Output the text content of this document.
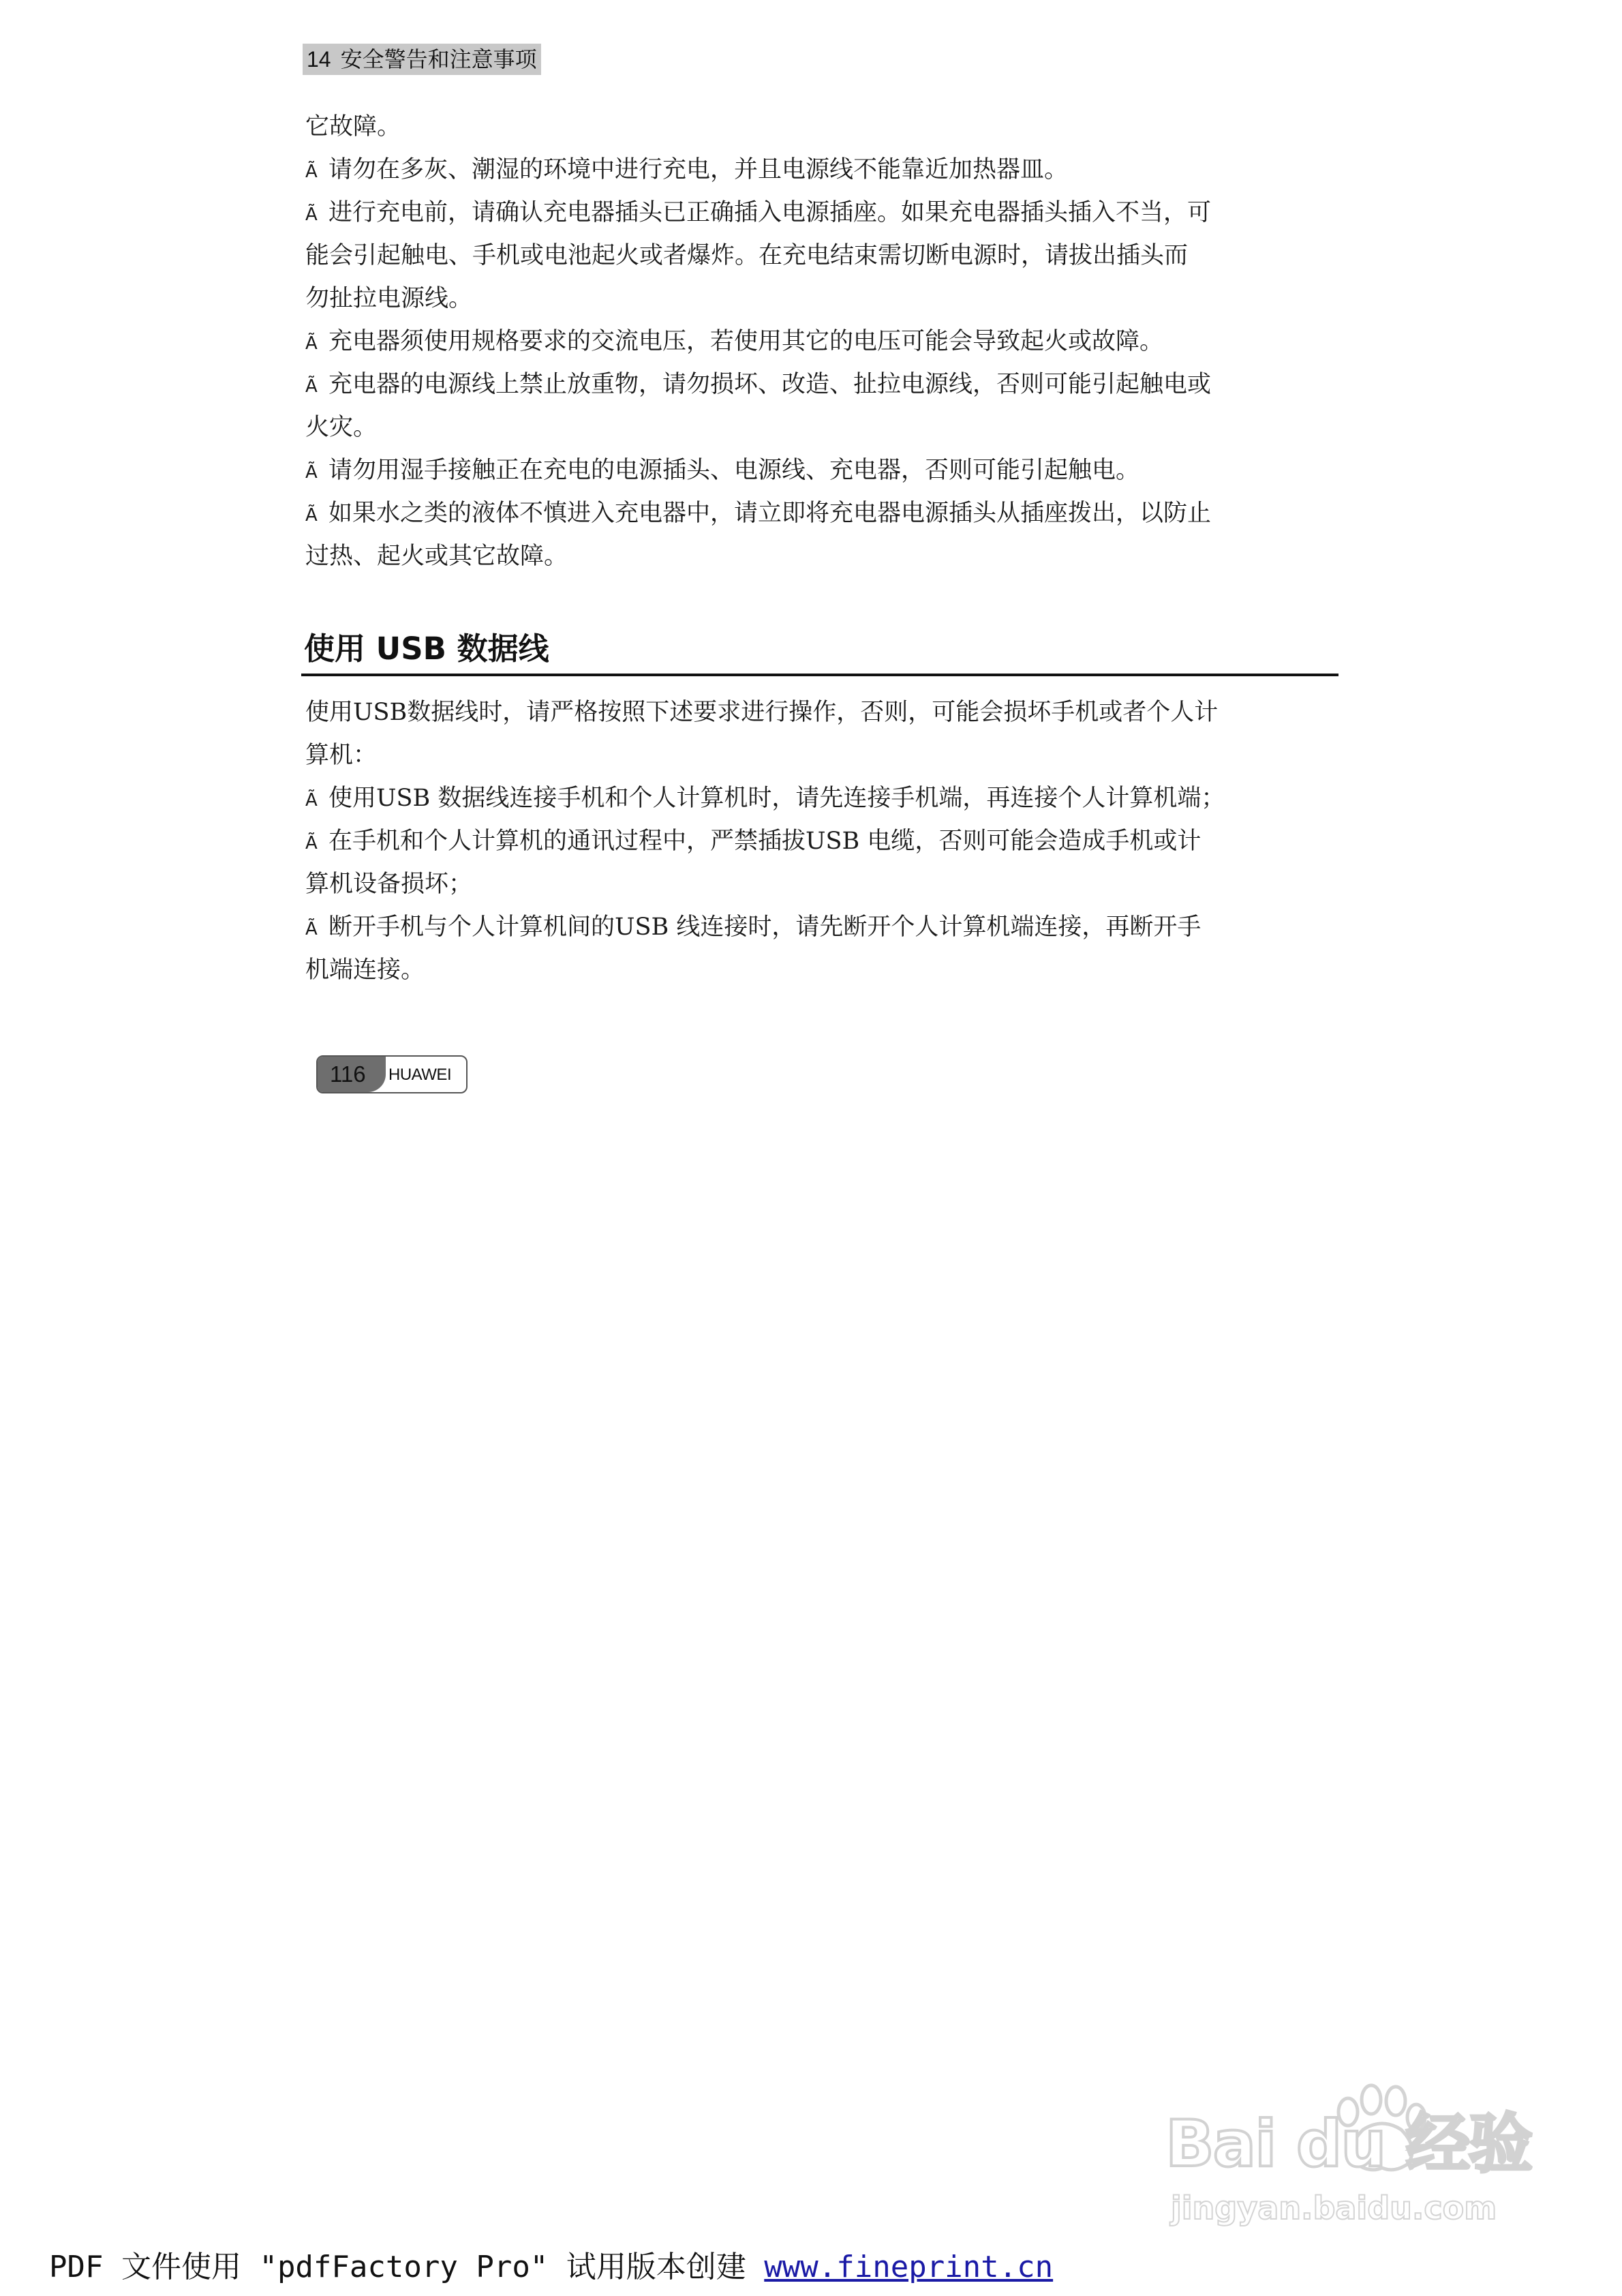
14 安全警告和注意事项
它故障。
Ã 请勿在多灰、潮湿的环境中进行充电，并且电源线不能靠近加热器皿。
Ã 进行充电前，请确认充电器插头已正确插入电源插座。如果充电器插头插入不当，可
能会引起触电、手机或电池起火或者爆炸。在充电结束需切断电源时，请拔出插头而
勿扯拉电源线。
Ã 充电器须使用规格要求的交流电压，若使用其它的电压可能会导致起火或故障。
Ã 充电器的电源线上禁止放重物，请勿损坏、改造、扯拉电源线，否则可能引起触电或
火灾。
Ã 请勿用湿手接触正在充电的电源插头、电源线、充电器，否则可能引起触电。
Ã 如果水之类的液体不慎进入充电器中，请立即将充电器电源插头从插座拨出，以防止
过热、起火或其它故障。
使用 USB 数据线
使用USB数据线时，请严格按照下述要求进行操作，否则，可能会损坏手机或者个人计
算机：
Ã 使用USB 数据线连接手机和个人计算机时，请先连接手机端，再连接个人计算机端；
Ã 在手机和个人计算机的通讯过程中，严禁插拔USB 电缆，否则可能会造成手机或计
算机设备损坏；
Ã 断开手机与个人计算机间的USB 线连接时，请先断开个人计算机端连接，再断开手
机端连接。
116 HUAWEI
Bai du 经验
jingyan.baidu.com
PDF 文件使用 "pdfFactory Pro" 试用版本创建 www.fineprint.cn
